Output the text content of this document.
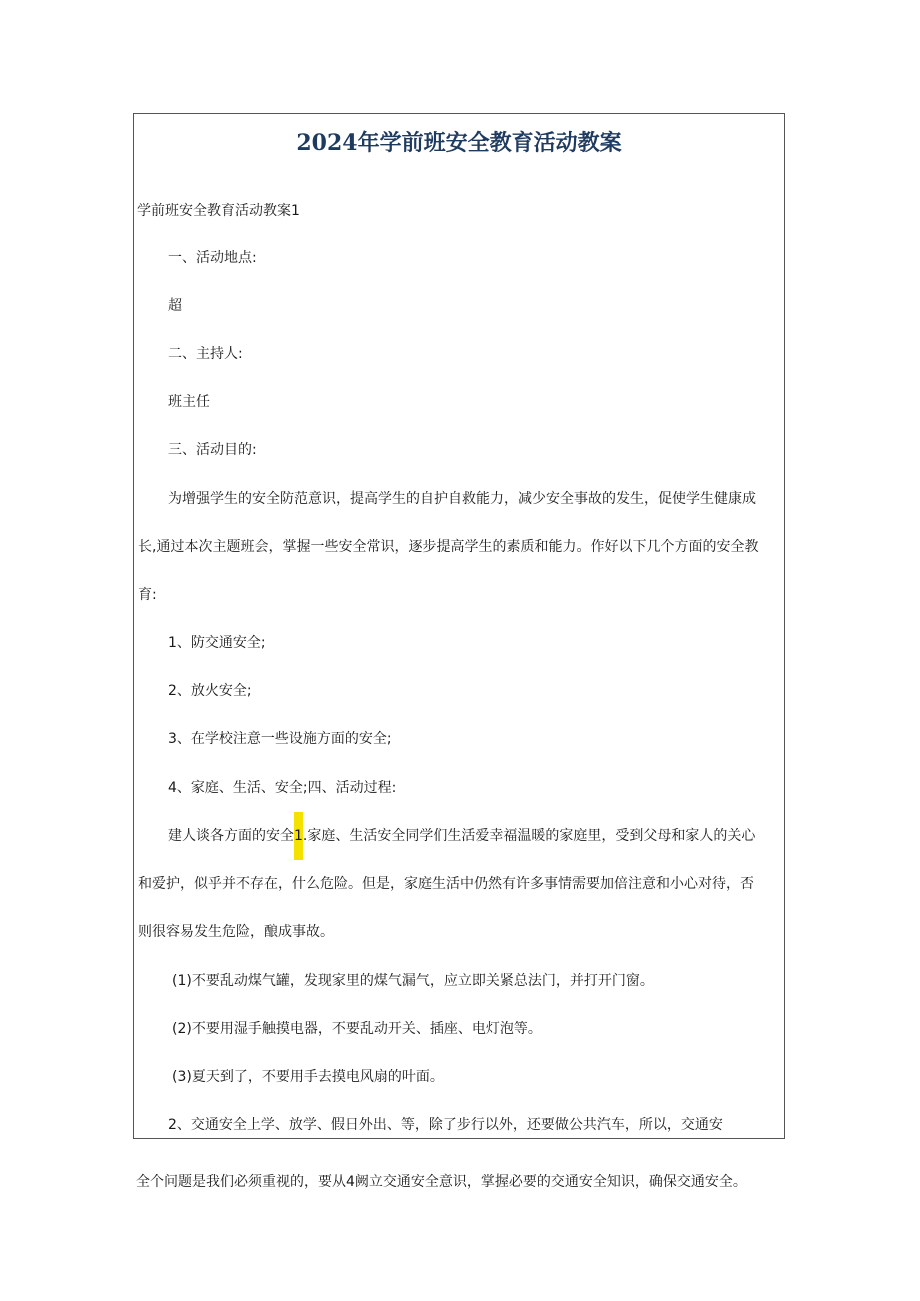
2024年学前班安全教育活动教案

学前班安全教育活动教案1

一、活动地点:

超

二、主持人:

班主任

三、活动目的:

为增强学生的安全防范意识，提高学生的自护自救能力，减少安全事故的发生，促使学生健康成

长,通过本次主题班会，掌握一些安全常识，逐步提高学生的素质和能力。作好以下几个方面的安全教

育:

1、防交通安全;

2、放火安全;

3、在学校注意一些设施方面的安全;

4、家庭、生活、安全;四、活动过程:

建人谈各方面的安全1.家庭、生活安全同学们生活爱幸福温暖的家庭里，受到父母和家人的关心

和爱护，似乎并不存在，什么危险。但是，家庭生活中仍然有许多事情需要加倍注意和小心对待，否

则很容易发生危险，酿成事故。

(1)不要乱动煤气罐，发现家里的煤气漏气，应立即关紧总法门，并打开门窗。

(2)不要用湿手触摸电器，不要乱动开关、插座、电灯泡等。

(3)夏天到了，不要用手去摸电风扇的叶面。

2、交通安全上学、放学、假日外出、等，除了步行以外，还要做公共汽车，所以，交通安

全个问题是我们必须重视的，要从4阙立交通安全意识，掌握必要的交通安全知识，确保交通安全。
